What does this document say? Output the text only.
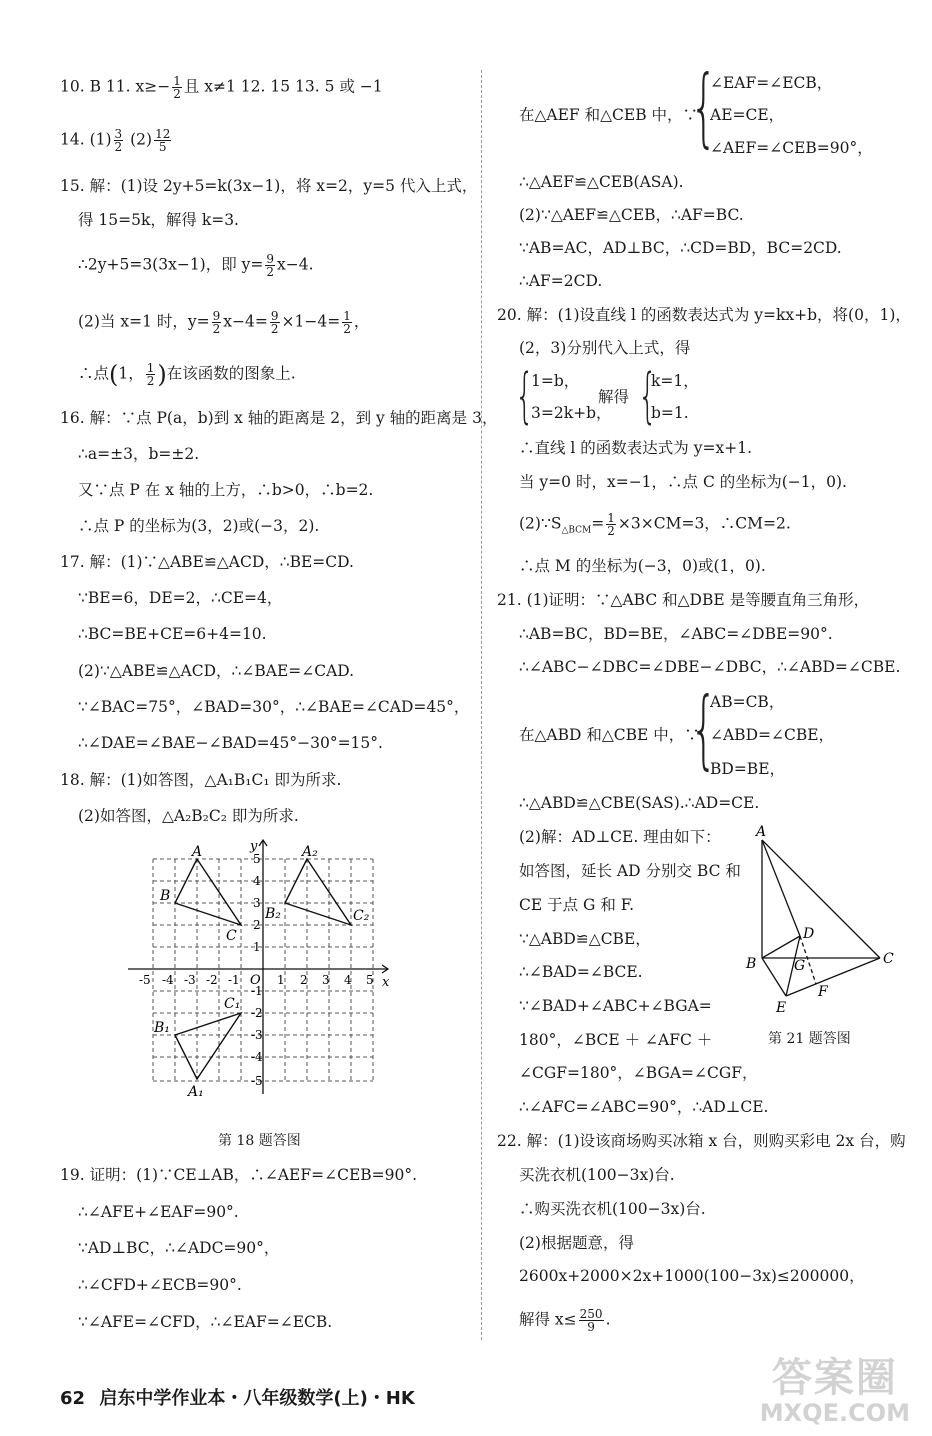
10. B 11. $x\ge- \frac{1}{2}$ 且 x≠1 12. 15 13. 5 或 −1
14. $(1) \frac{3}{2} (2) \frac{12}{5}$
15. 解：(1)设 2y+5=k(3x−1)，将 x=2，y=5 代入上式，
得 15=5k，解得 k=3.
∴2y+5=3(3x−1)，即 $y= \frac{9}{2} x-4$.
(2)当 x=1 时，$y= \frac{9}{2} x-4= \frac{9}{2} \times 1-4= \frac{1}{2}$ ，
∴点(1， $\frac{1}{2}$ )在该函数的图象上.
16. 解：∵点 P(a，b)到 x 轴的距离是 2，到 y 轴的距离是 3，
∴a=±3，b=±2.
又∵点 P 在 x 轴的上方，∴b>0，∴b=2.
∴点 P 的坐标为(3，2)或(−3，2).
17. 解：(1)∵△ABE≌△ACD，∴BE=CD.
∵BE=6，DE=2，∴CE=4，
∴BC=BE+CE=6+4=10.
(2)∵△ABE≌△ACD，∴∠BAE=∠CAD.
∵∠BAC=75°，∠BAD=30°，∴∠BAE=∠CAD=45°，
∴∠DAE=∠BAE−∠BAD=45°−30°=15°.
18. 解：(1)如答图，△A₁B₁C₁ 即为所求.
(2)如答图，△A₂B₂C₂ 即为所求.
x
y
O
-5 -4 -3 -2 -1	1 2 3 4 5
5
4
3
2
1
-1
-2
-3
-4
-5
A
B
C
A₁
B₁
C₁
A₂
B₂	C₂
第 18 题答图
19. 证明：(1)∵CE⊥AB，∴∠AEF=∠CEB=90°.
∴∠AFE+∠EAF=90°.
∵AD⊥BC，∴∠ADC=90°，
∴∠CFD+∠ECB=90°.
∵∠AFE=∠CFD，∴∠EAF=∠ECB.
{
∠EAF=∠ECB，
在△AEF 和△CEB 中，∵ AE=CE，
∠AEF=∠CEB=90°，
∴△AEF≌△CEB(ASA).
(2)∵△AEF≌△CEB，∴AF=BC.
∵AB=AC，AD⊥BC，∴CD=BD，BC=2CD.
∴AF=2CD.
20. 解：(1)设直线 l 的函数表达式为 y=kx+b，将(0，1)，
(2，3)分别代入上式，得
{
1=b，
解得 {
k=1，
3=2k+b，	b=1.
∴直线 l 的函数表达式为 y=x+1.
当 y=0 时，x=−1，∴点 C 的坐标为(−1，0).
$(2)\because S_{\triangle BCM}= \frac{1}{2} \times 3\times CM=3$，∴CM=2.
∴点 M 的坐标为(−3，0)或(1，0).
21. (1)证明：∵△ABC 和△DBE 是等腰直角三角形，
∴AB=BC，BD=BE，∠ABC=∠DBE=90°.
∴∠ABC−∠DBC=∠DBE−∠DBC，∴∠ABD=∠CBE.
{
AB=CB，
在△ABD 和△CBE 中，∵ ∠ABD=∠CBE，
BD=BE，
∴△ABD≌△CBE(SAS).∴AD=CE.
(2)解：AD⊥CE. 理由如下：
如答图，延长 AD 分别交 BC 和
CE 于点 G 和 F.
∵△ABD≌△CBE，
∴∠BAD=∠BCE.
∵∠BAD+∠ABC+∠BGA=
180°，∠BCE ＋ ∠AFC ＋
∠CGF=180°，∠BGA=∠CGF，
∴∠AFC=∠ABC=90°，∴AD⊥CE.
A
B	C
D
E
F
G
第 21 题答图
22. 解：(1)设该商场购买冰箱 x 台，则购买彩电 2x 台，购
买洗衣机(100−3x)台.
∴购买洗衣机(100−3x)台.
(2)根据题意，得
2600x+2000×2x+1000(100−3x)≤200000，
解得 $x\le \frac{250}{9}$ .
62 启东中学作业本・八年级数学(上)・HK	答案圈
MXQE.COM
